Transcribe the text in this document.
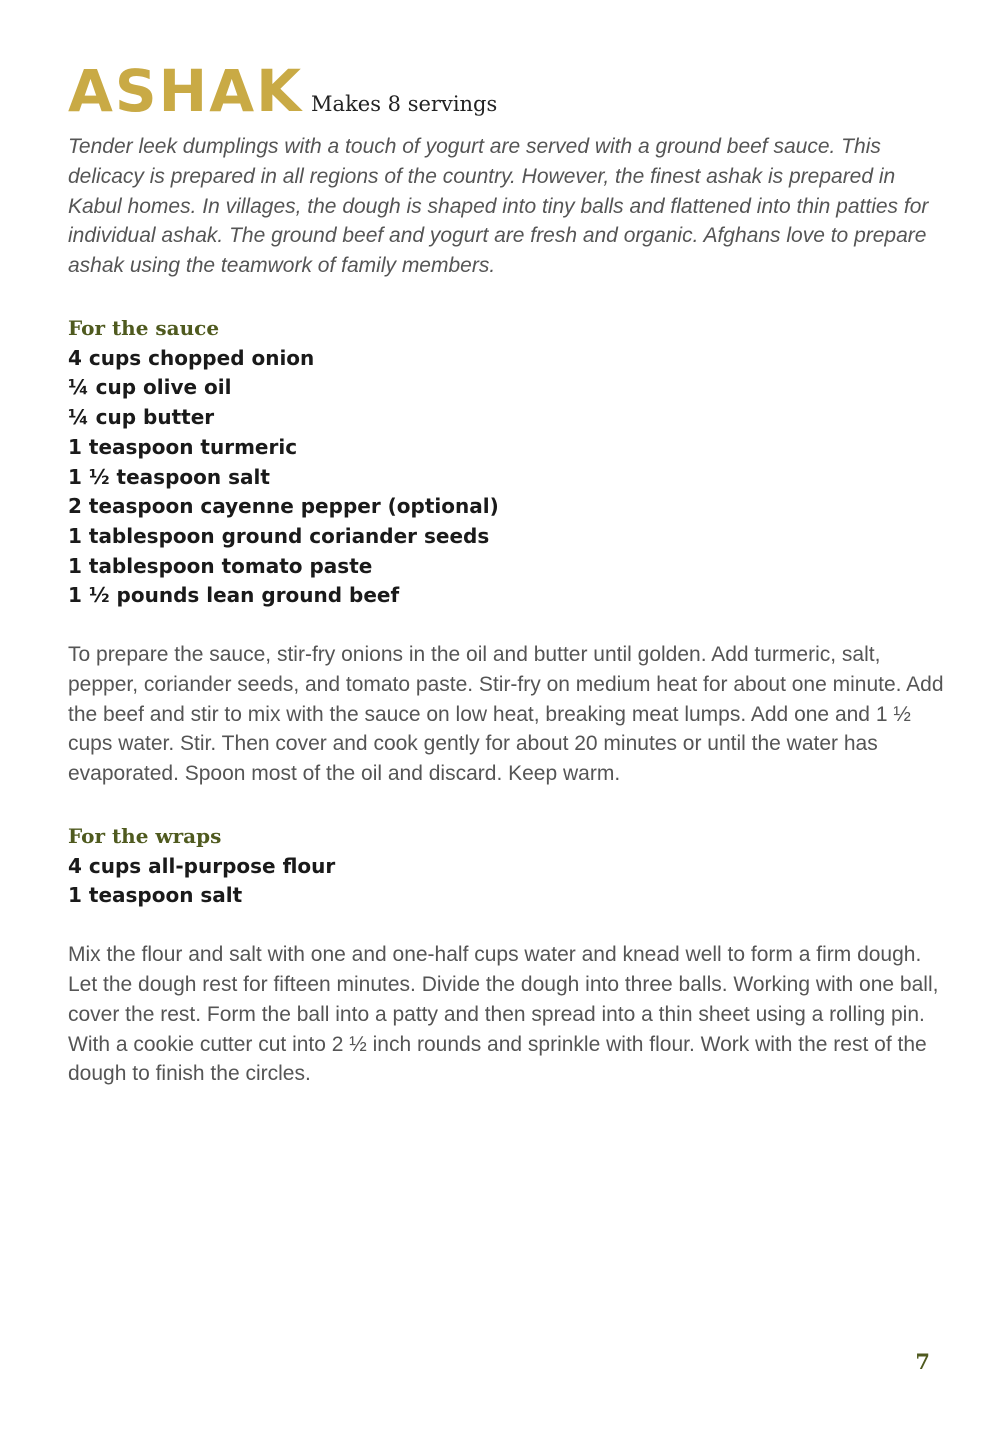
ASHAK Makes 8 servings

Tender leek dumplings with a touch of yogurt are served with a ground beef sauce. This delicacy is prepared in all regions of the country. However, the finest ashak is prepared in Kabul homes. In villages, the dough is shaped into tiny balls and flattened into thin patties for individual ashak. The ground beef and yogurt are fresh and organic. Afghans love to prepare ashak using the teamwork of family members.

For the sauce
4 cups chopped onion
¼ cup olive oil
¼ cup butter
1 teaspoon turmeric
1 ½ teaspoon salt
2 teaspoon cayenne pepper (optional)
1 tablespoon ground coriander seeds
1 tablespoon tomato paste
1 ½ pounds lean ground beef

To prepare the sauce, stir-fry onions in the oil and butter until golden. Add turmeric, salt, pepper, coriander seeds, and tomato paste. Stir-fry on medium heat for about one minute. Add the beef and stir to mix with the sauce on low heat, breaking meat lumps. Add one and 1 ½ cups water. Stir. Then cover and cook gently for about 20 minutes or until the water has evaporated. Spoon most of the oil and discard. Keep warm.

For the wraps
4 cups all-purpose flour
1 teaspoon salt

Mix the flour and salt with one and one-half cups water and knead well to form a firm dough. Let the dough rest for fifteen minutes. Divide the dough into three balls. Working with one ball, cover the rest. Form the ball into a patty and then spread into a thin sheet using a rolling pin. With a cookie cutter cut into 2 ½ inch rounds and sprinkle with flour. Work with the rest of the dough to finish the circles.

7
